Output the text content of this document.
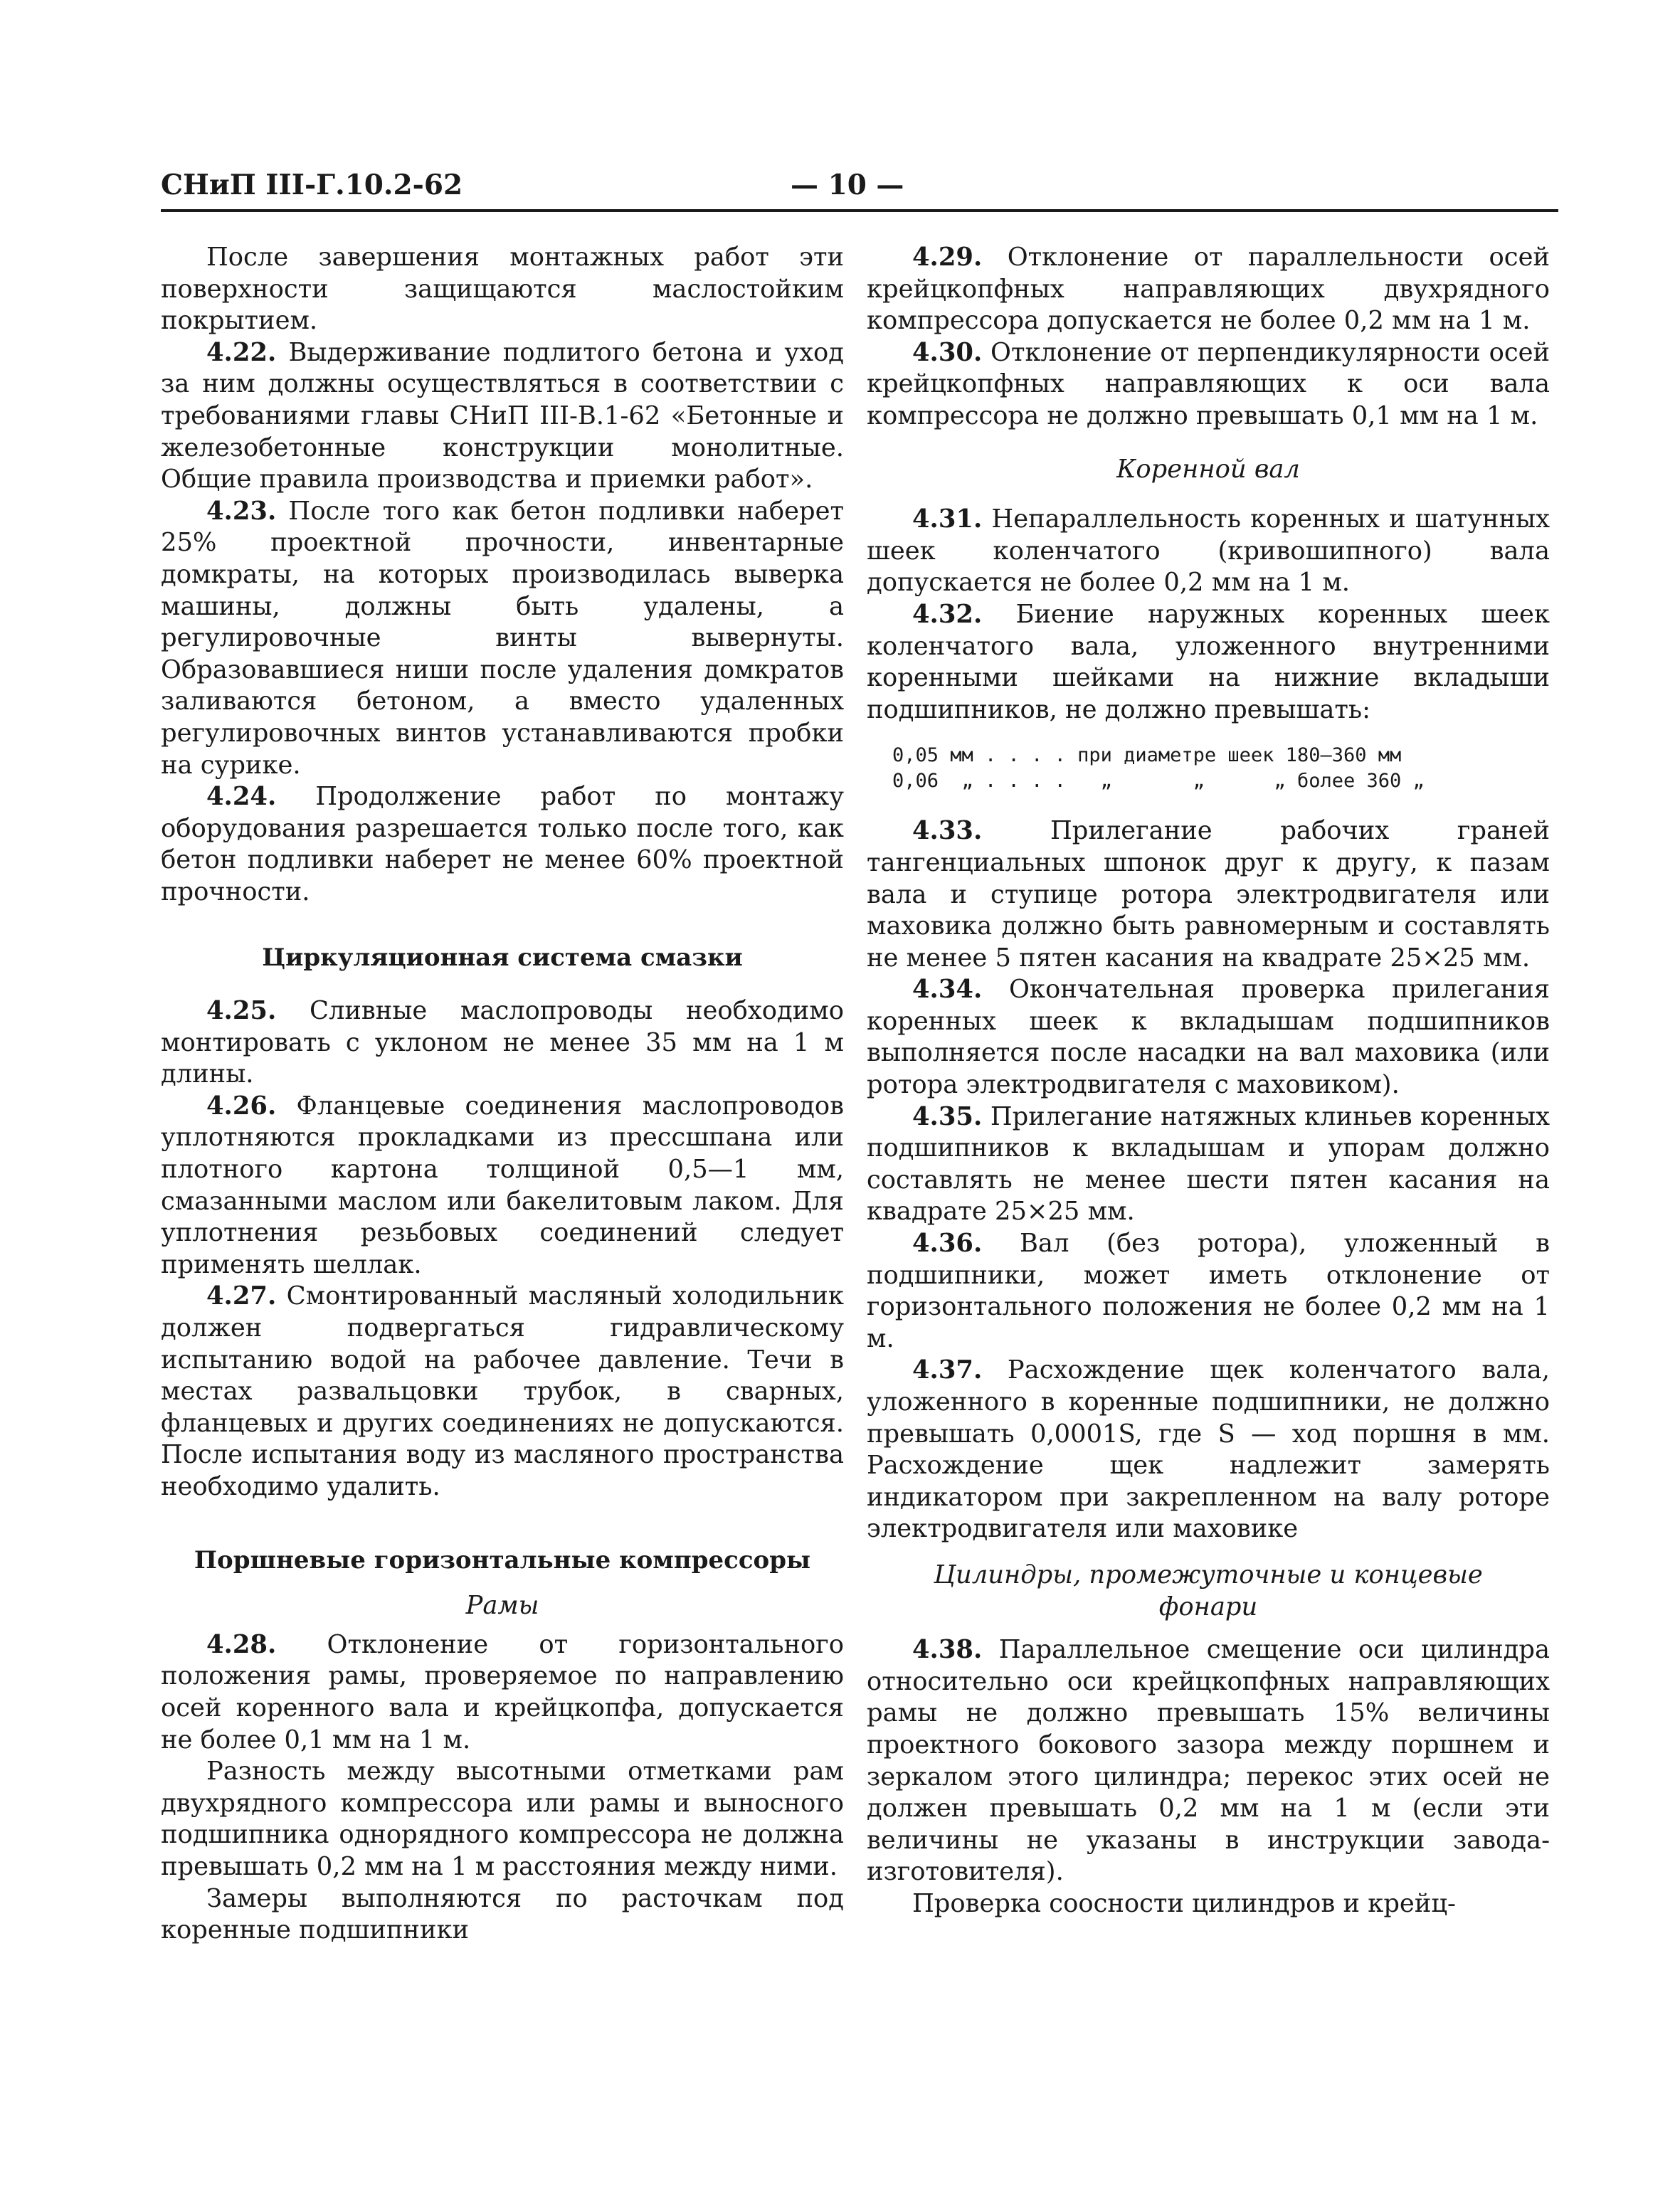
СНиП III-Г.10.2-62	— 10 —

После завершения монтажных работ эти поверхности защищаются маслостойким покрытием.

4.22. Выдерживание подлитого бетона и уход за ним должны осуществляться в соответствии с требованиями главы СНиП III-В.1-62 «Бетонные и железобетонные конструкции монолитные. Общие правила производства и приемки работ».

4.23. После того как бетон подливки наберет 25% проектной прочности, инвентарные домкраты, на которых производилась выверка машины, должны быть удалены, а регулировочные винты вывернуты. Образовавшиеся ниши после удаления домкратов заливаются бетоном, а вместо удаленных регулировочных винтов устанавливаются пробки на сурике.

4.24. Продолжение работ по монтажу оборудования разрешается только после того, как бетон подливки наберет не менее 60% проектной прочности.

Циркуляционная система смазки

4.25. Сливные маслопроводы необходимо монтировать с уклоном не менее 35 мм на 1 м длины.

4.26. Фланцевые соединения маслопроводов уплотняются прокладками из прессшпана или плотного картона толщиной 0,5—1 мм, смазанными маслом или бакелитовым лаком. Для уплотнения резьбовых соединений следует применять шеллак.

4.27. Смонтированный масляный холодильник должен подвергаться гидравлическому испытанию водой на рабочее давление. Течи в местах развальцовки трубок, в сварных, фланцевых и других соединениях не допускаются. После испытания воду из масляного пространства необходимо удалить.

Поршневые горизонтальные компрессоры

Рамы

4.28. Отклонение от горизонтального положения рамы, проверяемое по направлению осей коренного вала и крейцкопфа, допускается не более 0,1 мм на 1 м.

Разность между высотными отметками рам двухрядного компрессора или рамы и выносного подшипника однорядного компрессора не должна превышать 0,2 мм на 1 м расстояния между ними.

Замеры выполняются по расточкам под коренные подшипники

4.29. Отклонение от параллельности осей крейцкопфных направляющих двухрядного компрессора допускается не более 0,2 мм на 1 м.

4.30. Отклонение от перпендикулярности осей крейцкопфных направляющих к оси вала компрессора не должно превышать 0,1 мм на 1 м.

Коренной вал

4.31. Непараллельность коренных и шатунных шеек коленчатого (кривошипного) вала допускается не более 0,2 мм на 1 м.

4.32. Биение наружных коренных шеек коленчатого вала, уложенного внутренними коренными шейками на нижние вкладыши подшипников, не должно превышать:

0,05 мм . . . . при диаметре шеек 180—360 мм
0,06  „ . . . .   „       „      „ более 360 „

4.33. Прилегание рабочих граней тангенциальных шпонок друг к другу, к пазам вала и ступице ротора электродвигателя или маховика должно быть равномерным и составлять не менее 5 пятен касания на квадрате 25×25 мм.

4.34. Окончательная проверка прилегания коренных шеек к вкладышам подшипников выполняется после насадки на вал маховика (или ротора электродвигателя с маховиком).

4.35. Прилегание натяжных клиньев коренных подшипников к вкладышам и упорам должно составлять не менее шести пятен касания на квадрате 25×25 мм.

4.36. Вал (без ротора), уложенный в подшипники, может иметь отклонение от горизонтального положения не более 0,2 мм на 1 м.

4.37. Расхождение щек коленчатого вала, уложенного в коренные подшипники, не должно превышать 0,0001S, где S — ход поршня в мм. Расхождение щек надлежит замерять индикатором при закрепленном на валу роторе электродвигателя или маховике

Цилиндры, промежуточные и концевые фонари

4.38. Параллельное смещение оси цилиндра относительно оси крейцкопфных направляющих рамы не должно превышать 15% величины проектного бокового зазора между поршнем и зеркалом этого цилиндра; перекос этих осей не должен превышать 0,2 мм на 1 м (если эти величины не указаны в инструкции завода-изготовителя).

Проверка соосности цилиндров и крейц-
